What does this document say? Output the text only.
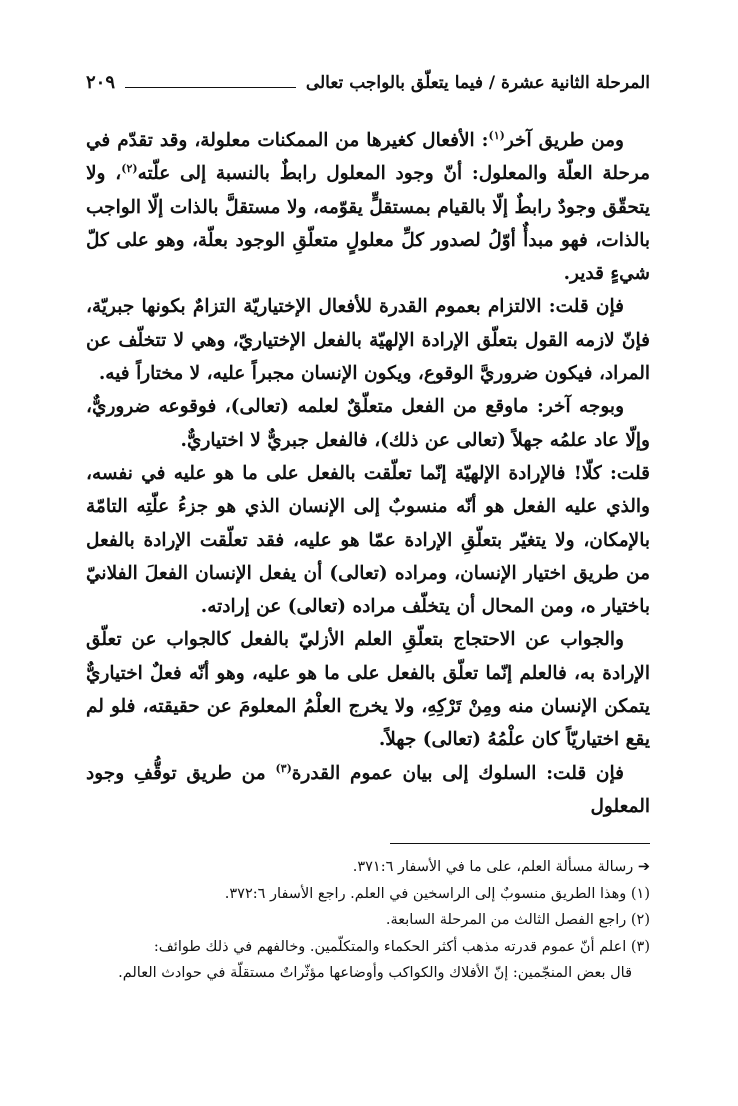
المرحلة الثانية عشرة / فيما يتعلّق بالواجب تعالى
٢٠٩

ومن طريق آخر$^{(١)}$: الأفعال كغيرها من الممكنات معلولة، وقد تقدّم في مرحلة العلّة والمعلول: أنّ وجود المعلول رابطٌ بالنسبة إلى علّته$^{(٢)}$، ولا يتحقّق وجودٌ رابطٌ إلّا بالقيام بمستقلٍّ يقوّمه، ولا مستقلَّ بالذات إلّا الواجب بالذات، فهو مبدأٌ أوّلُ لصدور كلِّ معلولٍ متعلّقِ الوجود بعلّة، وهو على كلّ شيءٍ قدير.

فإن قلت: الالتزام بعموم القدرة للأفعال الإختياريّة التزامٌ بكونها جبريّة، فإنّ لازمه القول بتعلّق الإرادة الإلهيّة بالفعل الإختياريّ، وهي لا تتخلّف عن المراد، فيكون ضروريَّ الوقوع، ويكون الإنسان مجبراً عليه، لا مختاراً فيه.

وبوجه آخر: ماوقع من الفعل متعلّقٌ لعلمه (تعالى)، فوقوعه ضروريٌّ، وإلّا عاد علمُه جهلاً (تعالى عن ذلك)، فالفعل جبريٌّ لا اختياريٌّ.

قلت: كلّا! فالإرادة الإلهيّة إنّما تعلّقت بالفعل على ما هو عليه في نفسه، والذي عليه الفعل هو أنّه منسوبٌ إلى الإنسان الذي هو جزءُ علّتِه التامّة بالإمكان، ولا يتغيّر بتعلّقِ الإرادة عمّا هو عليه، فقد تعلّقت الإرادة بالفعل من طريق اختيار الإنسان، ومراده (تعالى) أن يفعل الإنسان الفعلَ الفلانيّ باختيار ه، ومن المحال أن يتخلّف مراده (تعالى) عن إرادته.

والجواب عن الاحتجاج بتعلّقِ العلم الأزليّ بالفعل كالجواب عن تعلّق الإرادة به، فالعلم إنّما تعلّق بالفعل على ما هو عليه، وهو أنّه فعلٌ اختياريٌّ يتمكن الإنسان منه ومِنْ تَرْكِهِ، ولا يخرج العلْمُ المعلومَ عن حقيقته، فلو لم يقع اختياريّاً كان علْمُهُ (تعالى) جهلاً.

فإن قلت: السلوك إلى بيان عموم القدرة$^{(٣)}$ من طريق توقُّفِ وجود المعلول

➔ رسالة مسألة العلم، على ما في الأسفار ٣٧١:٦.

(١) وهذا الطريق منسوبٌ إلى الراسخين في العلم. راجع الأسفار ٣٧٢:٦.

(٢) راجع الفصل الثالث من المرحلة السابعة.

(٣) اعلم أنّ عموم قدرته مذهب أكثر الحكماء والمتكلّمين. وخالفهم في ذلك طوائف:

قال بعض المنجّمين: إنّ الأفلاك والكواكب وأوضاعها مؤثّراتٌ مستقلّة في حوادث العالم.
